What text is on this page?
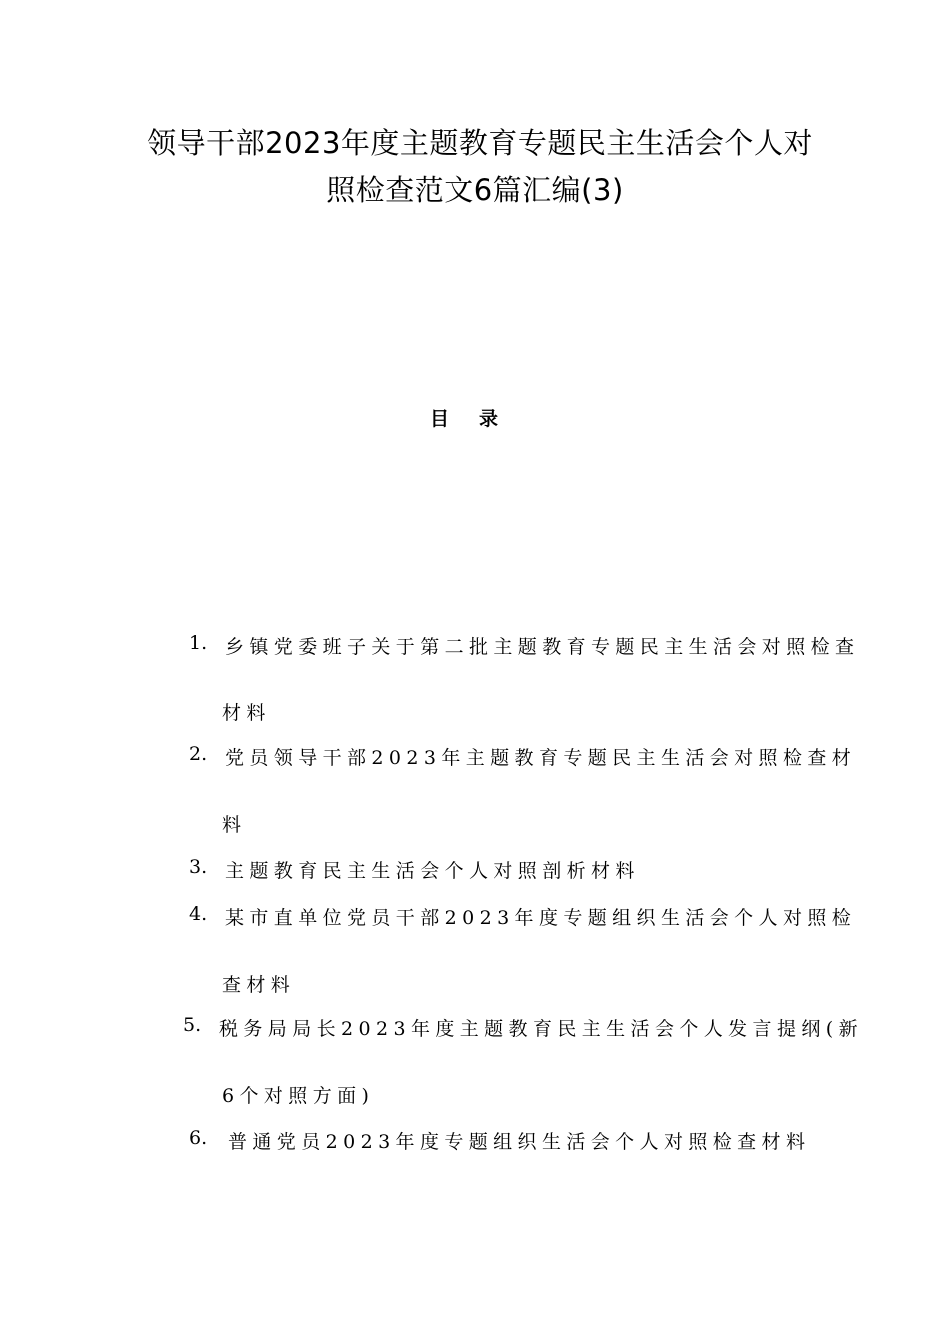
领导干部2023年度主题教育专题民主生活会个人对
照检查范文6篇汇编(3)
目录
1. 乡镇党委班子关于第二批主题教育专题民主生活会对照检查
材料
2. 党员领导干部2023年主题教育专题民主生活会对照检查材
料
3. 主题教育民主生活会个人对照剖析材料
4. 某市直单位党员干部2023年度专题组织生活会个人对照检
查材料
5. 税务局局长2023年度主题教育民主生活会个人发言提纲(新
6个对照方面)
6. 普通党员2023年度专题组织生活会个人对照检查材料
